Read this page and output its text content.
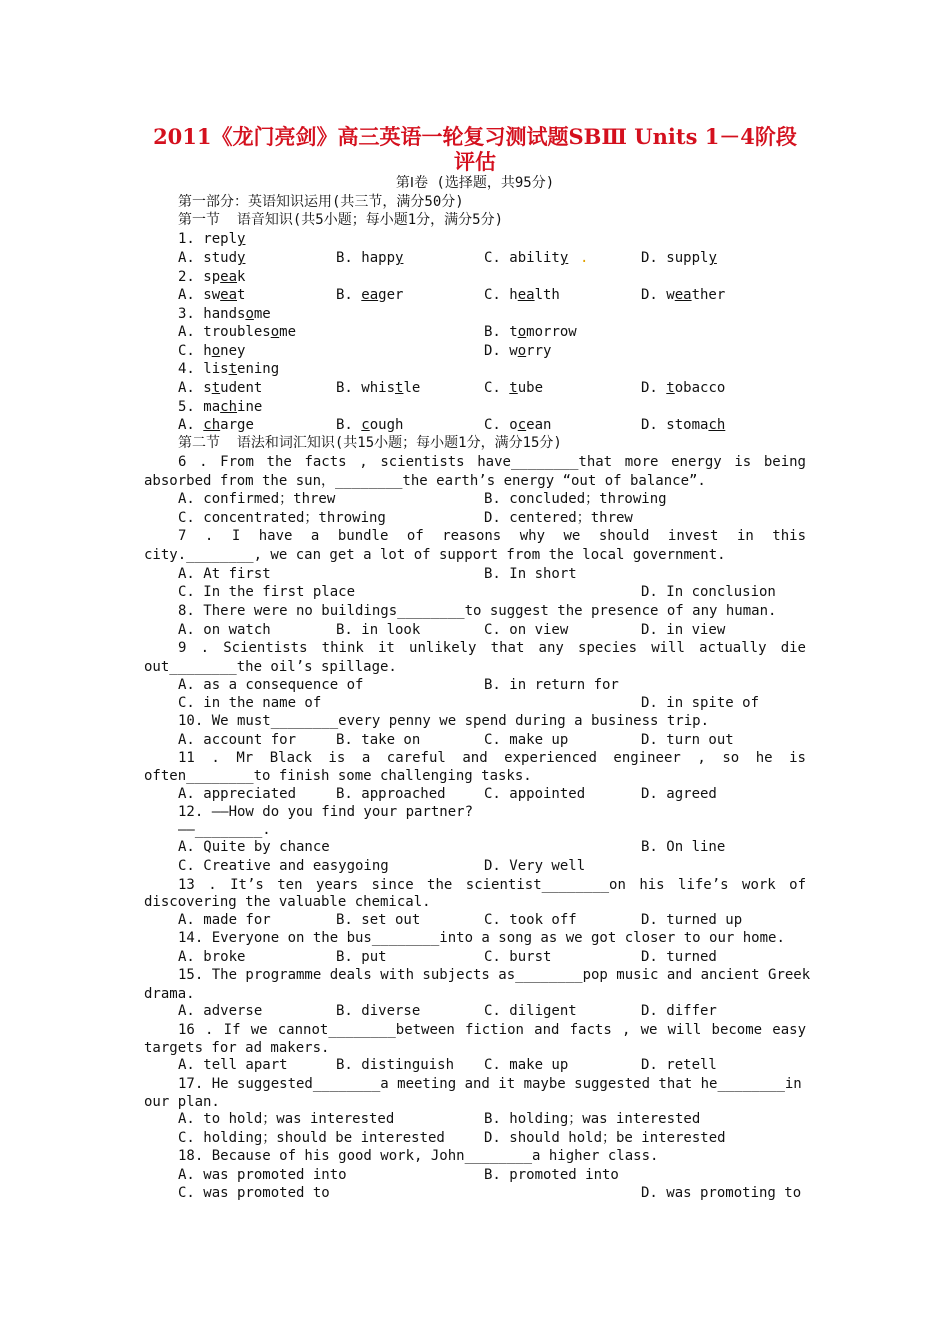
2011《龙门亮剑》高三英语一轮复习测试题SBⅢ Units 1－4阶段
评估
第Ⅰ卷 (选择题，共95分)
第一部分：英语知识运用(共三节，满分50分)
第一节  语音知识(共5小题；每小题1分，满分5分)
1. reply
A. study	B. happy	C. ability .	D. supply
2. speak
A. sweat	B. eager	C. health	D. weather
3. handsome
A. troublesome	B. tomorrow
C. honey	D. worry
4. listening
A. student	B. whistle	C. tube	D. tobacco
5. machine
A. charge	B. cough	C. ocean	D. stomach
第二节  语法和词汇知识(共15小题；每小题1分，满分15分)
6 . From the facts , scientists have________that more energy is being
absorbed from the sun，________the earth’s energy “out of balance”.
A. confirmed；threw	B. concluded；throwing
C. concentrated；throwing	D. centered；threw
7 . I have a bundle of reasons why we should invest in this
city.________, we can get a lot of support from the local government.
A. At first	B. In short
C. In the first place	D. In conclusion
8. There were no buildings________to suggest the presence of any human.
A. on watch	B. in look	C. on view	D. in view
9 . Scientists think it unlikely that any species will actually die
out________the oil’s spillage.
A. as a consequence of	B. in return for
C. in the name of	D. in spite of
10. We must________every penny we spend during a business trip.
A. account for	B. take on	C. make up	D. turn out
11 . Mr Black is a careful and experienced engineer , so he is
often________to finish some challenging tasks.
A. appreciated	B. approached	C. appointed	D. agreed
12. ——How do you find your partner?
——________.
A. Quite by chance	B. On line
C. Creative and easygoing	D. Very well
13 . It’s ten years since the scientist________on his life’s work of
discovering the valuable chemical.
A. made for	B. set out	C. took off	D. turned up
14. Everyone on the bus________into a song as we got closer to our home.
A. broke	B. put	C. burst	D. turned
15. The programme deals with subjects as________pop music and ancient Greek
drama.
A. adverse	B. diverse	C. diligent	D. differ
16 . If we cannot________between fiction and facts , we will become easy
targets for ad makers.
A. tell apart	B. distinguish C. make up	D. retell
17. He suggested________a meeting and it maybe suggested that he________in
our plan.
A. to hold；was interested	B. holding；was interested
C. holding；should be interested	D. should hold；be interested
18. Because of his good work, John________a higher class.
A. was promoted into	B. promoted into
C. was promoted to	D. was promoting to
